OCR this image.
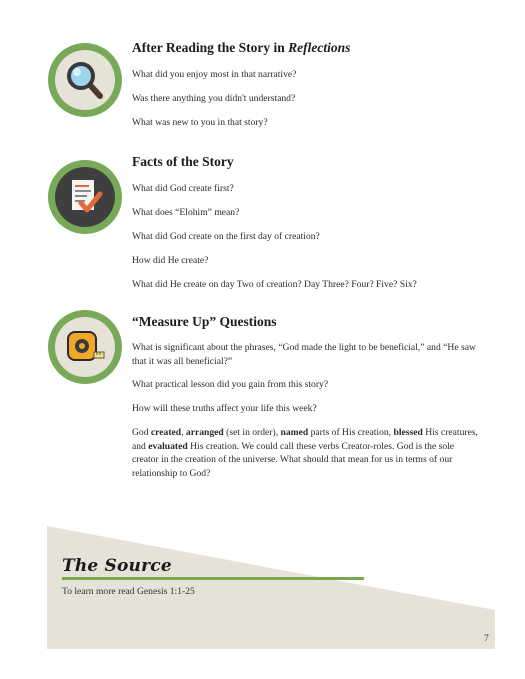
After Reading the Story in Reflections

What did you enjoy most in that narrative?

Was there anything you didn't understand?

What was new to you in that story?

Facts of the Story

What did God create first?

What does “Elohim” mean?

What did God create on the first day of creation?

How did He create?

What did He create on day Two of creation? Day Three? Four? Five? Six?

“Measure Up” Questions

What is significant about the phrases, “God made the light to be beneficial,” and “He saw that it was all beneficial?”

What practical lesson did you gain from this story?

How will these truths affect your life this week?

God created, arranged (set in order), named parts of His creation, blessed His creatures, and evaluated His creation. We could call these verbs Creator-roles. God is the sole creator in the creation of the universe. What should that mean for us in terms of our relationship to God?

The Source

To learn more read Genesis 1:1-25

7
